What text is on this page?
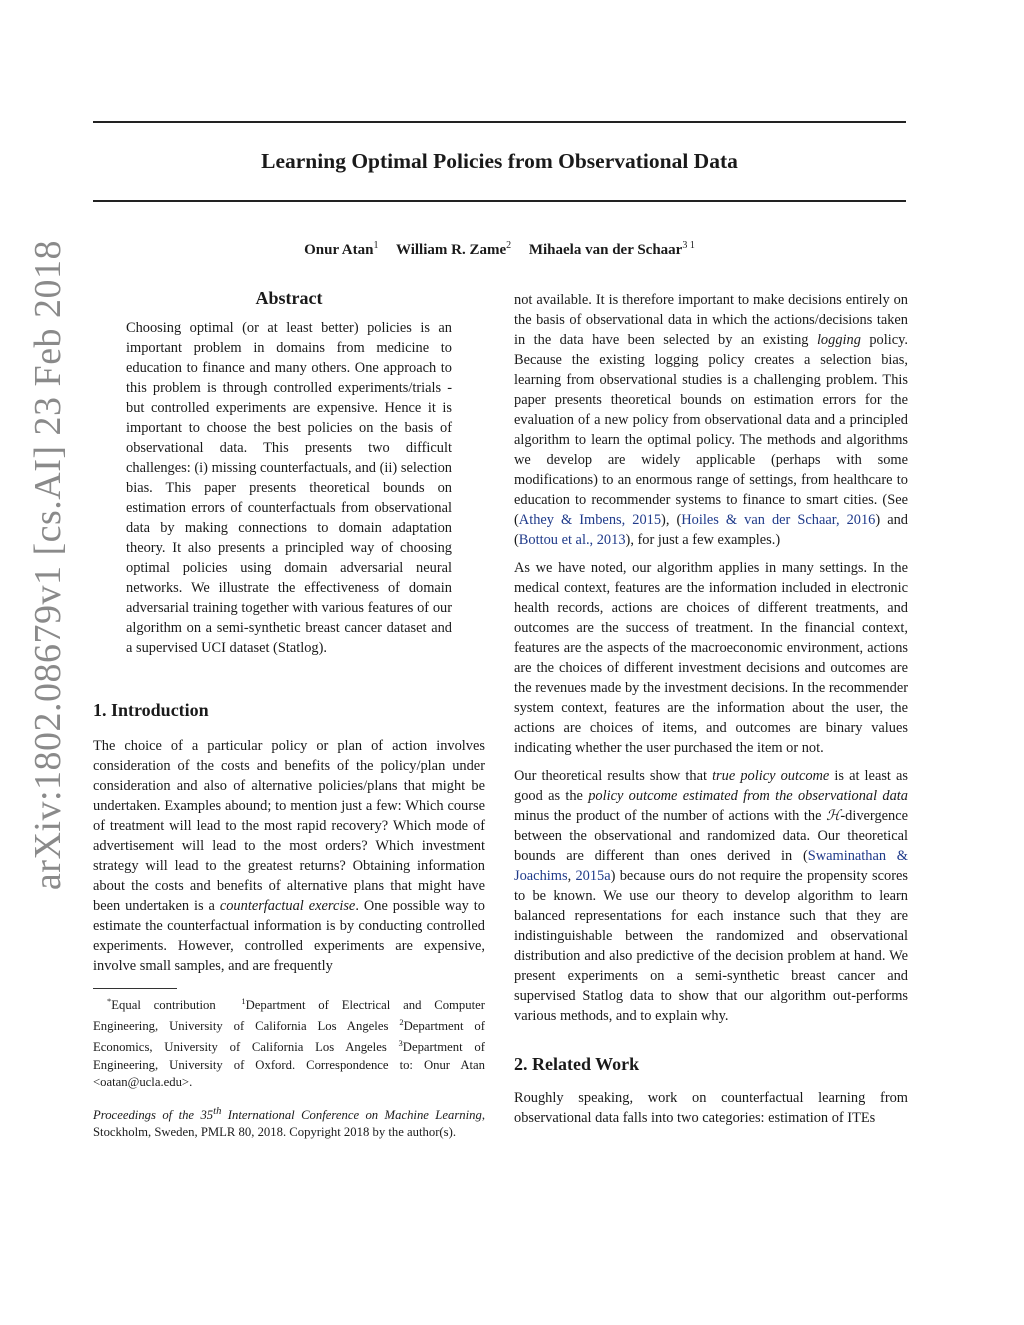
arXiv:1802.08679v1 [cs.AI] 23 Feb 2018
Learning Optimal Policies from Observational Data
Onur Atan$^1$ William R. Zame$^2$ Mihaela van der Schaar$^{3 1}$
Abstract
Choosing optimal (or at least better) policies is an important problem in domains from medicine to education to finance and many others. One approach to this problem is through controlled experiments/trials - but controlled experiments are expensive. Hence it is important to choose the best policies on the basis of observational data. This presents two difficult challenges: (i) missing counterfactuals, and (ii) selection bias. This paper presents theoretical bounds on estimation errors of counterfactuals from observational data by making connections to domain adaptation theory. It also presents a principled way of choosing optimal policies using domain adversarial neural networks. We illustrate the effectiveness of domain adversarial training together with various features of our algorithm on a semi-synthetic breast cancer dataset and a supervised UCI dataset (Statlog).
1. Introduction

The choice of a particular policy or plan of action involves consideration of the costs and benefits of the policy/plan under consideration and also of alternative policies/plans that might be undertaken. Examples abound; to mention just a few: Which course of treatment will lead to the most rapid recovery? Which mode of advertisement will lead to the most orders? Which investment strategy will lead to the greatest returns? Obtaining information about the costs and benefits of alternative plans that might have been undertaken is a counterfactual exercise. One possible way to estimate the counterfactual information is by conducting controlled experiments. However, controlled experiments are expensive, involve small samples, and are frequently

*Equal contribution	$^1$Department of Electrical and Computer Engineering, University of California Los Angeles $^2$Department of Economics, University of California Los Angeles $^3$Department of Engineering, University of Oxford. Correspondence to: Onur Atan <oatan@ucla.edu>.
Proceedings of the 35th International Conference on Machine Learning, Stockholm, Sweden, PMLR 80, 2018. Copyright 2018 by the author(s).

not available. It is therefore important to make decisions entirely on the basis of observational data in which the actions/decisions taken in the data have been selected by an existing logging policy. Because the existing logging policy creates a selection bias, learning from observational studies is a challenging problem. This paper presents theoretical bounds on estimation errors for the evaluation of a new policy from observational data and a principled algorithm to learn the optimal policy. The methods and algorithms we develop are widely applicable (perhaps with some modifications) to an enormous range of settings, from healthcare to education to recommender systems to finance to smart cities. (See (Athey & Imbens, 2015), (Hoiles & van der Schaar, 2016) and (Bottou et al., 2013), for just a few examples.)

As we have noted, our algorithm applies in many settings. In the medical context, features are the information included in electronic health records, actions are choices of different treatments, and outcomes are the success of treatment. In the financial context, features are the aspects of the macroeconomic environment, actions are the choices of different investment decisions and outcomes are the revenues made by the investment decisions. In the recommender system context, features are the information about the user, the actions are choices of items, and outcomes are binary values indicating whether the user purchased the item or not.

Our theoretical results show that true policy outcome is at least as good as the policy outcome estimated from the observational data minus the product of the number of actions with the ℋ-divergence between the observational and randomized data. Our theoretical bounds are different than ones derived in (Swaminathan & Joachims, 2015a) because ours do not require the propensity scores to be known. We use our theory to develop algorithm to learn balanced representations for each instance such that they are indistinguishable between the randomized and observational distribution and also predictive of the decision problem at hand. We present experiments on a semi-synthetic breast cancer and supervised Statlog data to show that our algorithm out-performs various methods, and to explain why.

2. Related Work

Roughly speaking, work on counterfactual learning from observational data falls into two categories: estimation of ITEs
